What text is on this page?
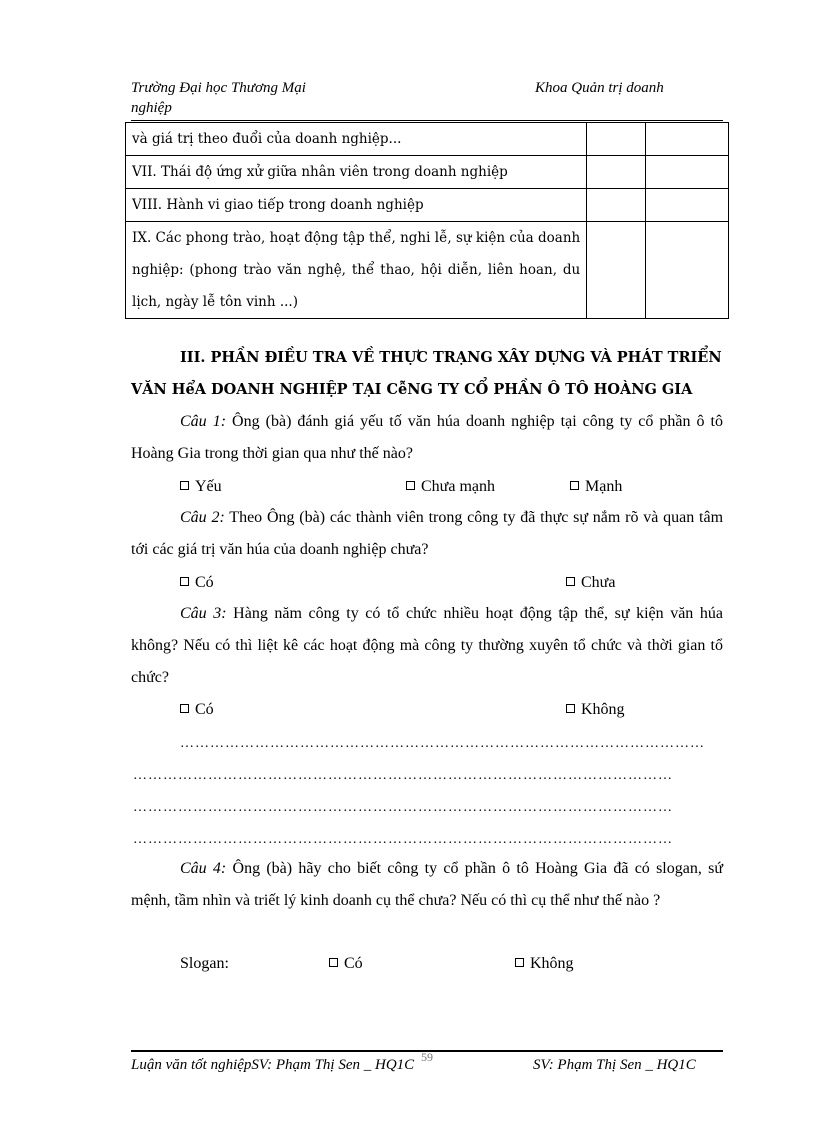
Trường Đại học Thương Mại
nghiệp
Khoa Quản trị doanh
và giá trị theo đuổi của doanh nghiệp...		

VII. Thái độ ứng xử giữa nhân viên trong doanh nghiệp		

VIII. Hành vi giao tiếp trong doanh nghiệp		

IX. Các phong trào, hoạt động tập thể, nghi lễ, sự kiện của doanh nghiệp: (phong trào văn nghệ, thể thao, hội diễn, liên hoan, du lịch, ngày lễ tôn vinh ...)		

III. PHẦN ĐIỀU TRA VỀ THỰC TRẠNG XÂY DỰNG VÀ PHÁT TRIỂN
VĂN HểA DOANH NGHIỆP TẠI CễNG TY CỔ PHẦN Ô TÔ HOÀNG GIA
Câu 1: Ông (bà) đánh giá yếu tố văn húa doanh nghiệp tại công ty cổ phần ô tô Hoàng Gia trong thời gian qua như thế nào?
Yếu	Chưa mạnh	Mạnh
Câu 2: Theo Ông (bà) các thành viên trong công ty đã thực sự nắm rõ và quan tâm tới các giá trị văn húa của doanh nghiệp chưa?
Có	Chưa
Câu 3: Hàng năm công ty có tổ chức nhiều hoạt động tập thể, sự kiện văn húa không? Nếu có thì liệt kê các hoạt động mà công ty thường xuyên tổ chức và thời gian tổ chức?
Có	Không
……………………………………………………………………………………………
………………………………………………………………………………………………
………………………………………………………………………………………………
………………………………………………………………………………………………
Câu 4: Ông (bà) hãy cho biết công ty cổ phần ô tô Hoàng Gia đã có slogan, sứ mệnh, tầm nhìn và triết lý kinh doanh cụ thể chưa? Nếu có thì cụ thể như thế nào ?
Slogan:	Có	Không
Luận văn tốt nghiệpSV: Phạm Thị Sen _ HQ1C 59	SV: Phạm Thị Sen _ HQ1C
